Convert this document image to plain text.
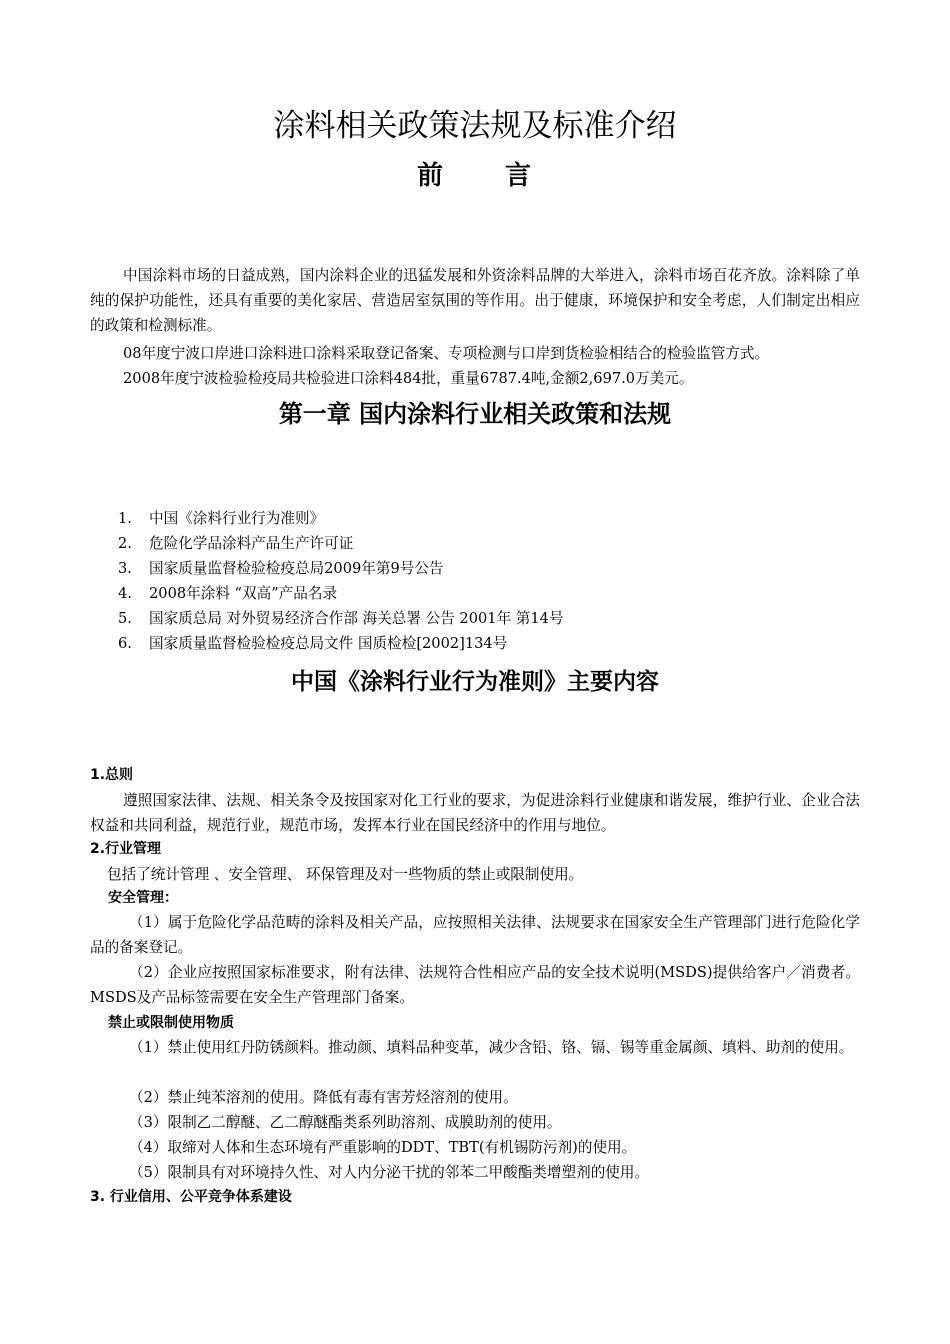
涂料相关政策法规及标准介绍
前 言
中国涂料市场的日益成熟，国内涂料企业的迅猛发展和外资涂料品牌的大举进入，涂料市场百花齐放。涂料除了单纯的保护功能性，还具有重要的美化家居、营造居室氛围的等作用。出于健康，环境保护和安全考虑，人们制定出相应的政策和检测标准。
08年度宁波口岸进口涂料进口涂料采取登记备案、专项检测与口岸到货检验相结合的检验监管方式。
2008年度宁波检验检疫局共检验进口涂料484批，重量6787.4吨,金额2,697.0万美元。
第一章 国内涂料行业相关政策和法规
1. 中国《涂料行业行为准则》
2. 危险化学品涂料产品生产许可证
3. 国家质量监督检验检疫总局2009年第9号公告
4. 2008年涂料 “双高”产品名录
5. 国家质总局 对外贸易经济合作部 海关总署 公告 2001年 第14号
6. 国家质量监督检验检疫总局文件 国质检检[2002]134号
中国《涂料行业行为准则》主要内容
1.总则
遵照国家法律、法规、相关条令及按国家对化工行业的要求，为促进涂料行业健康和谐发展，维护行业、企业合法权益和共同利益，规范行业，规范市场，发挥本行业在国民经济中的作用与地位。
2.行业管理
包括了统计管理 、安全管理、 环保管理及对一些物质的禁止或限制使用。
安全管理：
（1）属于危险化学品范畴的涂料及相关产品，应按照相关法律、法规要求在国家安全生产管理部门进行危险化学品的备案登记。
（2）企业应按照国家标准要求，附有法律、法规符合性相应产品的安全技术说明(MSDS)提供给客户／消费者。MSDS及产品标签需要在安全生产管理部门备案。
禁止或限制使用物质
（1）禁止使用红丹防锈颜料。推动颜、填料品种变革，减少含铅、铬、镉、锡等重金属颜、填料、助剂的使用。
（2）禁止纯苯溶剂的使用。降低有毒有害芳烃溶剂的使用。
（3）限制乙二醇醚、乙二醇醚酯类系列助溶剂、成膜助剂的使用。
（4）取缔对人体和生态环境有严重影响的DDT、TBT(有机锡防污剂)的使用。
（5）限制具有对环境持久性、对人内分泌干扰的邻苯二甲酸酯类增塑剂的使用。
3. 行业信用、公平竞争体系建设
